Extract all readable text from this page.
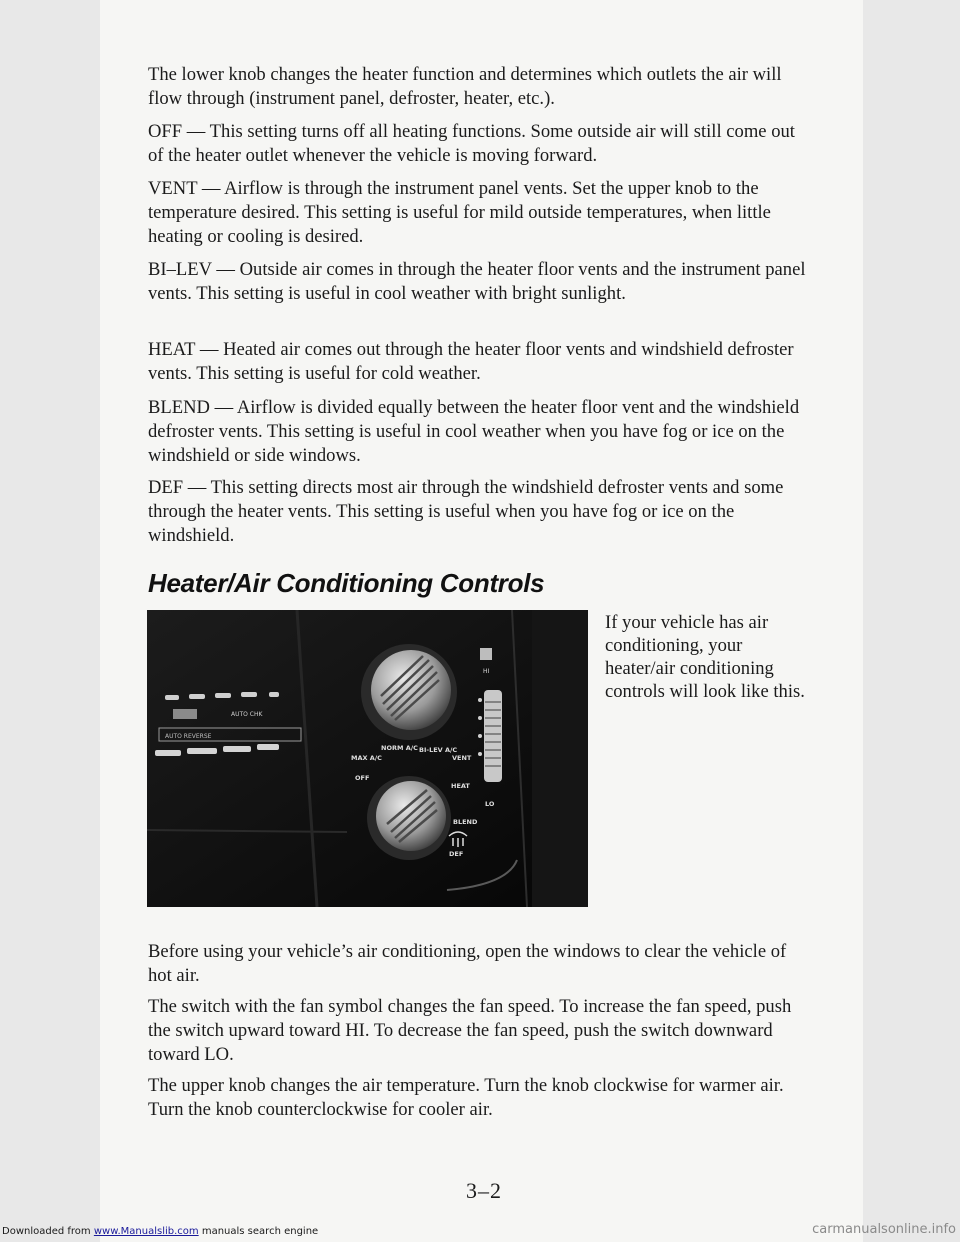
The lower knob changes the heater function and determines which outlets the air will flow through (instrument panel, defroster, heater, etc.).

OFF — This setting turns off all heating functions. Some outside air will still come out of the heater outlet whenever the vehicle is moving forward.

VENT — Airflow is through the instrument panel vents. Set the upper knob to the temperature desired. This setting is useful for mild outside temperatures, when little heating or cooling is desired.

BI–LEV — Outside air comes in through the heater floor vents and the instrument panel vents. This setting is useful in cool weather with bright sunlight.

HEAT — Heated air comes out through the heater floor vents and windshield defroster vents. This setting is useful for cold weather.

BLEND — Airflow is divided equally between the heater floor vent and the windshield defroster vents. This setting is useful in cool weather when you have fog or ice on the windshield or side windows.

DEF — This setting directs most air through the windshield defroster vents and some through the heater vents. This setting is useful when you have fog or ice on the windshield.

Heater/Air Conditioning Controls
AUTO CHK
AUTO REVERSE
NORM A/C BI-LEV A/C
MAX A/C	VENT
OFF
HEAT
BLEND
DEF
LO
HI

If your vehicle has air conditioning, your heater/air conditioning controls will look like this.

Before using your vehicle’s air conditioning, open the windows to clear the vehicle of hot air.

The switch with the fan symbol changes the fan speed. To increase the fan speed, push the switch upward toward HI. To decrease the fan speed, push the switch downward toward LO.

The upper knob changes the air temperature. Turn the knob clockwise for warmer air. Turn the knob counterclockwise for cooler air.

3–2
Downloaded from www.Manualslib.com manuals search engine	carmanualsonline.info
